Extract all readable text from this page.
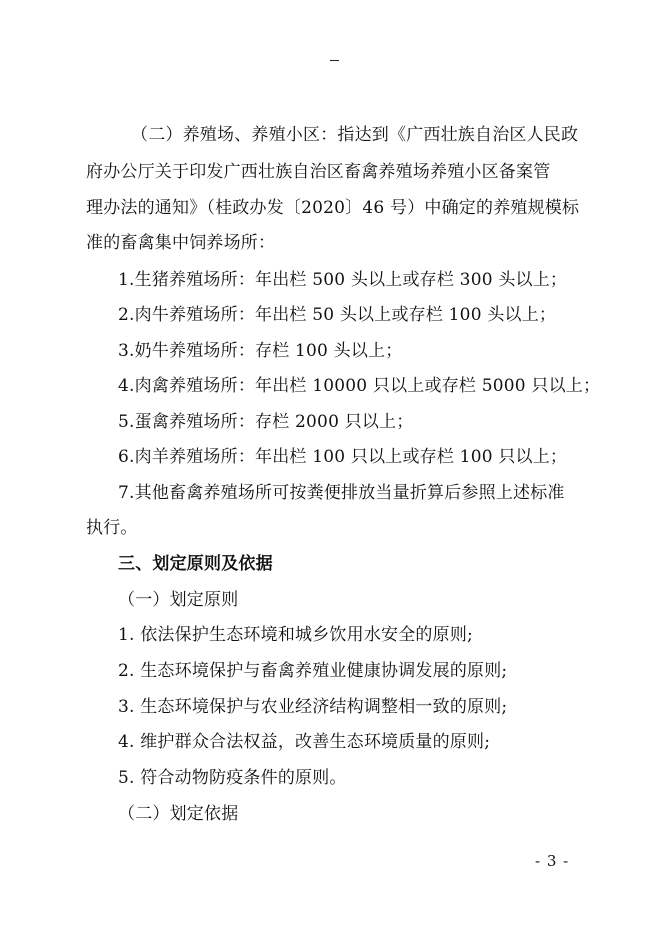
（二）养殖场、养殖小区：指达到《广西壮族自治区人民政
府办公厅关于印发广西壮族自治区畜禽养殖场养殖小区备案管
理办法的通知》（桂政办发〔2020〕46 号）中确定的养殖规模标
准的畜禽集中饲养场所：
1.生猪养殖场所：年出栏 500 头以上或存栏 300 头以上；
2.肉牛养殖场所：年出栏 50 头以上或存栏 100 头以上；
3.奶牛养殖场所：存栏 100 头以上；
4.肉禽养殖场所：年出栏 10000 只以上或存栏 5000 只以上；
5.蛋禽养殖场所：存栏 2000 只以上；
6.肉羊养殖场所：年出栏 100 只以上或存栏 100 只以上；
7.其他畜禽养殖场所可按粪便排放当量折算后参照上述标准
执行。
三、划定原则及依据
（一）划定原则
1. 依法保护生态环境和城乡饮用水安全的原则;
2. 生态环境保护与畜禽养殖业健康协调发展的原则;
3. 生态环境保护与农业经济结构调整相一致的原则;
4. 维护群众合法权益，改善生态环境质量的原则;
5. 符合动物防疫条件的原则。
（二）划定依据
- 3 -
